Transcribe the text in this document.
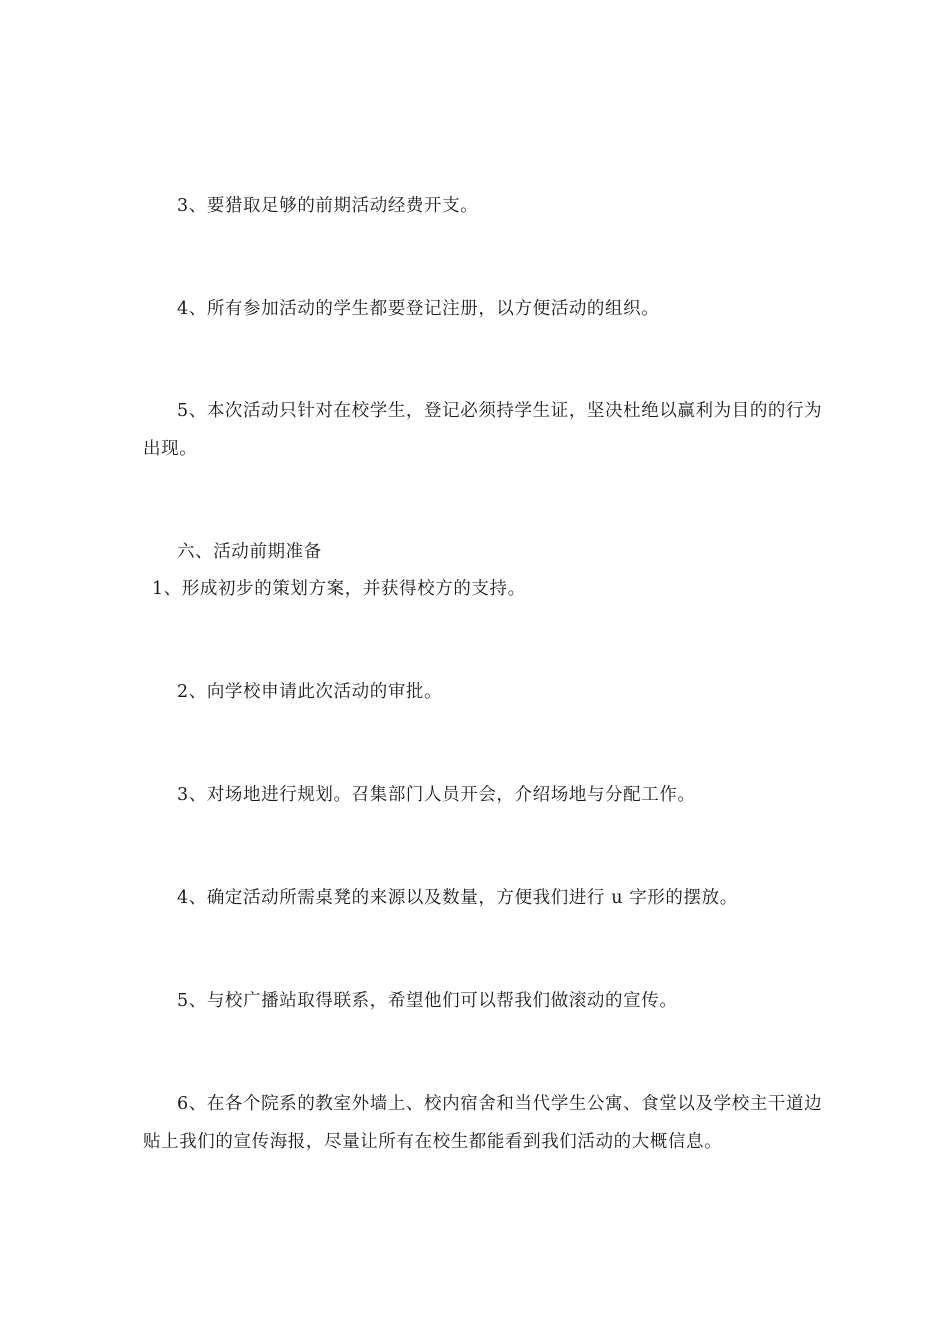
3、要猎取足够的前期活动经费开支。

4、所有参加活动的学生都要登记注册，以方便活动的组织。

5、本次活动只针对在校学生，登记必须持学生证，坚决杜绝以赢利为目的的行为出现。

六、活动前期准备

1、形成初步的策划方案，并获得校方的支持。

2、向学校申请此次活动的审批。

3、对场地进行规划。召集部门人员开会，介绍场地与分配工作。

4、确定活动所需桌凳的来源以及数量，方便我们进行 u 字形的摆放。

5、与校广播站取得联系，希望他们可以帮我们做滚动的宣传。

6、在各个院系的教室外墙上、校内宿舍和当代学生公寓、食堂以及学校主干道边贴上我们的宣传海报，尽量让所有在校生都能看到我们活动的大概信息。
